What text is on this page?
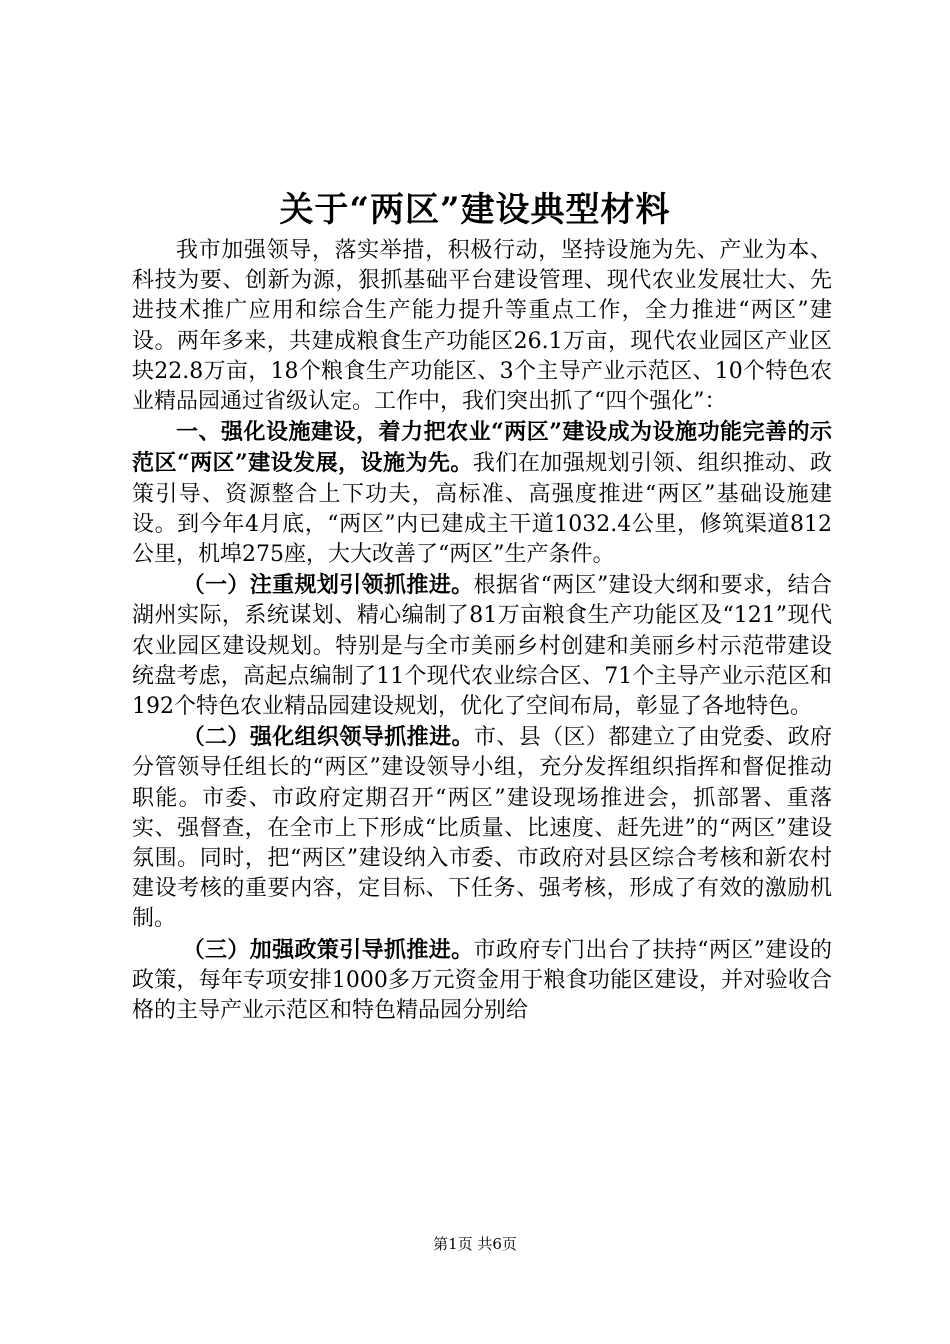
关于“两区”建设典型材料

我市加强领导，落实举措，积极行动，坚持设施为先、产业为本、科技为要、创新为源，狠抓基础平台建设管理、现代农业发展壮大、先进技术推广应用和综合生产能力提升等重点工作，全力推进“两区”建设。两年多来，共建成粮食生产功能区26.1万亩，现代农业园区产业区块22.8万亩，18个粮食生产功能区、3个主导产业示范区、10个特色农业精品园通过省级认定。工作中，我们突出抓了“四个强化”：

一、强化设施建设，着力把农业“两区”建设成为设施功能完善的示范区“两区”建设发展，设施为先。我们在加强规划引领、组织推动、政策引导、资源整合上下功夫，高标准、高强度推进“两区”基础设施建设。到今年4月底，“两区”内已建成主干道1032.4公里，修筑渠道812公里，机埠275座，大大改善了“两区”生产条件。

（一）注重规划引领抓推进。根据省“两区”建设大纲和要求，结合湖州实际，系统谋划、精心编制了81万亩粮食生产功能区及“121”现代农业园区建设规划。特别是与全市美丽乡村创建和美丽乡村示范带建设统盘考虑，高起点编制了11个现代农业综合区、71个主导产业示范区和192个特色农业精品园建设规划，优化了空间布局，彰显了各地特色。

（二）强化组织领导抓推进。市、县（区）都建立了由党委、政府分管领导任组长的“两区”建设领导小组，充分发挥组织指挥和督促推动职能。市委、市政府定期召开“两区”建设现场推进会，抓部署、重落实、强督查，在全市上下形成“比质量、比速度、赶先进”的“两区”建设氛围。同时，把“两区”建设纳入市委、市政府对县区综合考核和新农村建设考核的重要内容，定目标、下任务、强考核，形成了有效的激励机制。

（三）加强政策引导抓推进。市政府专门出台了扶持“两区”建设的政策，每年专项安排1000多万元资金用于粮食功能区建设，并对验收合格的主导产业示范区和特色精品园分别给

第1页 共6页
